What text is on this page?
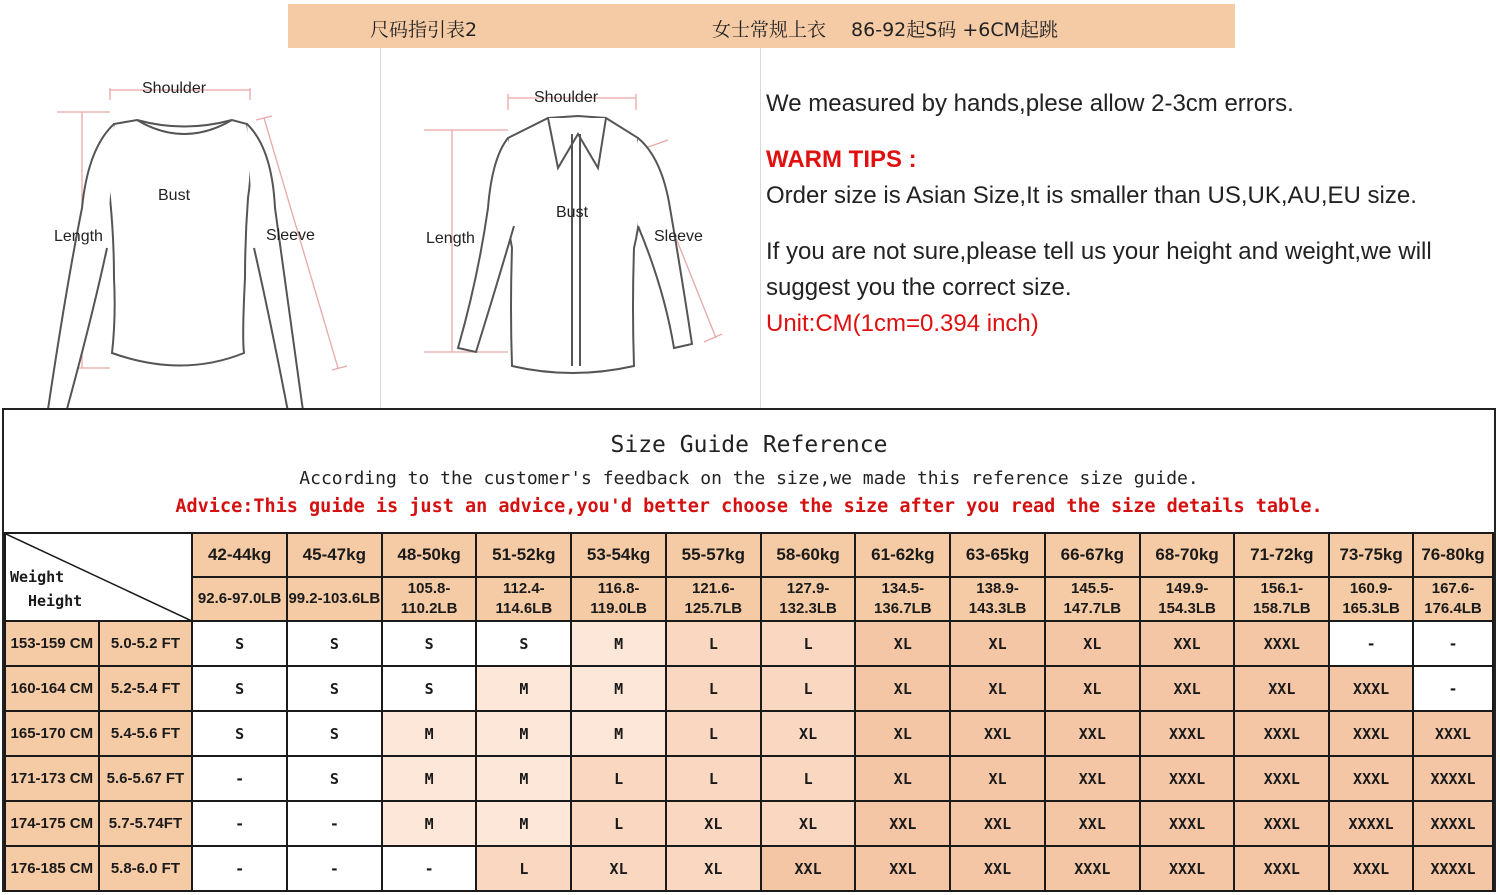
尺码指引表2	女士常规上衣　 86-92起S码 +6CM起跳
Shoulder
Bust
Length	Sleeve
Shoulder
Bust
Length	Sleeve

We measured by hands,plese allow 2-3cm errors.

WARM TIPS :

Order size is Asian Size,It is smaller than US,UK,AU,EU size.

If you are not sure,please tell us your height and weight,we will suggest you the correct size.

Unit:CM(1cm=0.394 inch)

Size Guide Reference
According to the customer's feedback on the size,we made this reference size guide.
Advice:This guide is just an advice,you'd better choose the size after you read the size details table.
Weight
Height		42-44kg	45-47kg	48-50kg	51-52kg	53-54kg	55-57kg	58-60kg	61-62kg	63-65kg	66-67kg	68-70kg	71-72kg	73-75kg	76-80kg
		92.6-97.0LB	99.2-103.6LB	105.8-110.2LB	112.4-114.6LB	116.8-119.0LB	121.6-125.7LB	127.9-132.3LB	134.5-136.7LB	138.9-143.3LB	145.5-147.7LB	149.9-154.3LB	156.1-158.7LB	160.9-165.3LB	167.6-176.4LB
153-159 CM	5.0-5.2 FT	S	S	S	S	M	L	L	XL	XL	XL	XXL	XXXL	-	-
160-164 CM	5.2-5.4 FT	S	S	S	M	M	L	L	XL	XL	XL	XXL	XXL	XXXL	-
165-170 CM	5.4-5.6 FT	S	S	M	M	M	L	XL	XL	XXL	XXL	XXXL	XXXL	XXXL	XXXL
171-173 CM	5.6-5.67 FT	-	S	M	M	L	L	L	XL	XL	XXL	XXXL	XXXL	XXXL	XXXXL
174-175 CM	5.7-5.74FT	-	-	M	M	L	XL	XL	XXL	XXL	XXL	XXXL	XXXL	XXXXL	XXXXL
176-185 CM	5.8-6.0 FT	-	-	-	L	XL	XL	XXL	XXL	XXL	XXXL	XXXL	XXXL	XXXL	XXXXL
